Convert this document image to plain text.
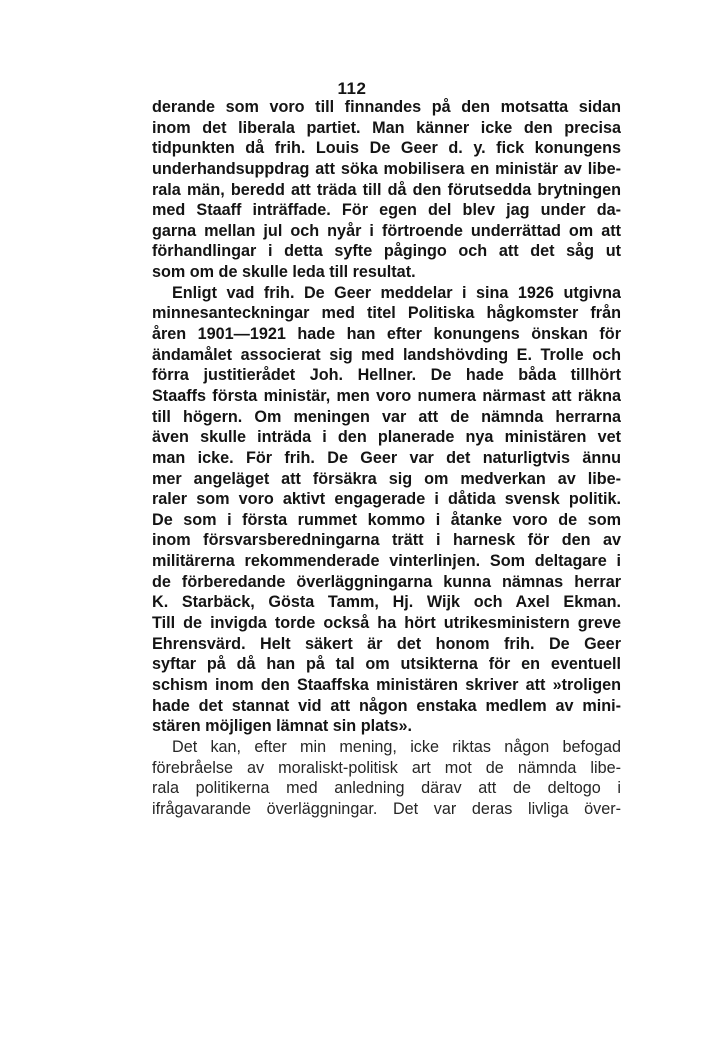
112
derande som voro till finnandes på den motsatta sidan
inom det liberala partiet. Man känner icke den precisa
tidpunkten då frih. Louis De Geer d. y. fick konungens
underhandsuppdrag att söka mobilisera en ministär av libe-
rala män, beredd att träda till då den förutsedda brytningen
med Staaff inträffade. För egen del blev jag under da-
garna mellan jul och nyår i förtroende underrättad om att
förhandlingar i detta syfte pågingo och att det såg ut
som om de skulle leda till resultat.
Enligt vad frih. De Geer meddelar i sina 1926 utgivna
minnesanteckningar med titel Politiska hågkomster från
åren 1901—1921 hade han efter konungens önskan för
ändamålet associerat sig med landshövding E. Trolle och
förra justitierådet Joh. Hellner. De hade båda tillhört
Staaffs första ministär, men voro numera närmast att räkna
till högern. Om meningen var att de nämnda herrarna
även skulle inträda i den planerade nya ministären vet
man icke. För frih. De Geer var det naturligtvis ännu
mer angeläget att försäkra sig om medverkan av libe-
raler som voro aktivt engagerade i dåtida svensk politik.
De som i första rummet kommo i åtanke voro de som
inom försvarsberedningarna trätt i harnesk för den av
militärerna rekommenderade vinterlinjen. Som deltagare i
de förberedande överläggningarna kunna nämnas herrar
K. Starbäck, Gösta Tamm, Hj. Wijk och Axel Ekman.
Till de invigda torde också ha hört utrikesministern greve
Ehrensvärd. Helt säkert är det honom frih. De Geer
syftar på då han på tal om utsikterna för en eventuell
schism inom den Staaffska ministären skriver att »troligen
hade det stannat vid att någon enstaka medlem av mini-
stären möjligen lämnat sin plats».
Det kan, efter min mening, icke riktas någon befogad
förebråelse av moraliskt-politisk art mot de nämnda libe-
rala politikerna med anledning därav att de deltogo i
ifrågavarande överläggningar. Det var deras livliga över-
